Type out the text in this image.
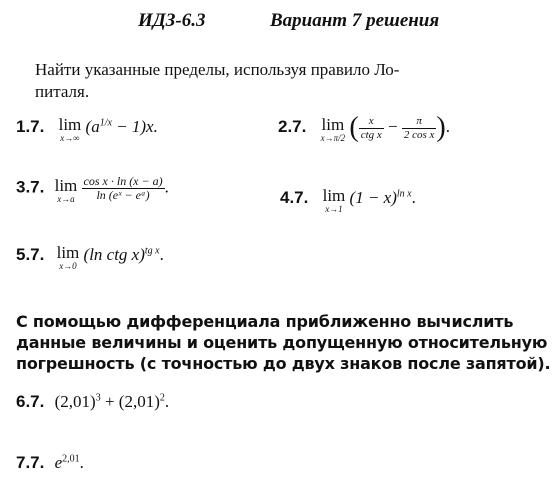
ИДЗ-6.3	Вариант 7 решения
Найти указанные пределы, используя правило Ло-
питаля.
1.7. lim
x→∞
$(a^{1/x} - 1)x$.	2.7. lim
x→π/2 ( $\frac{x}{\text{ctg x}} - \frac{\pi}{\text{2 cos x}}$ ).
3.7. lim
x→a
$\frac{\text{cos x · ln (x − a)}}{\text{ln (eˣ − eᵃ)}}$ .
4.7. lim
x→1
$(1 - x)^{ln x}$.
5.7. lim
x→0
(ln ctg x)$^{tg x}$.
С помощью дифференциала приближенно вычислить
данные величины и оценить допущенную относительную
погрешность (с точностью до двух знаков после запятой).
6.7. $(2,01)^3 + (2,01)^2$.
7.7. $e^{2,01}$.
